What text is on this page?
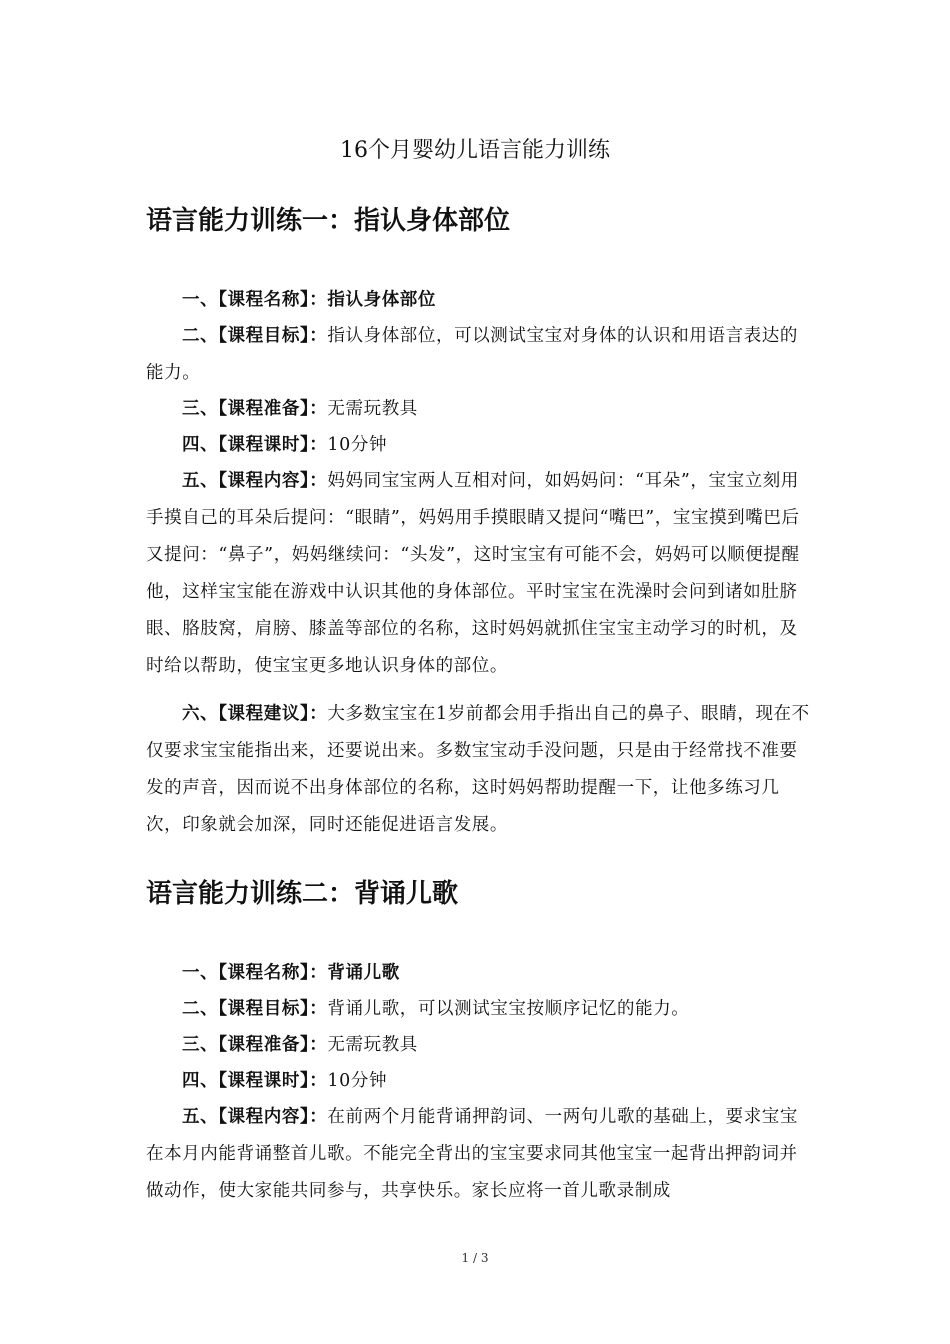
16个月婴幼儿语言能力训练
语言能力训练一：指认身体部位

一、【课程名称】：指认身体部位

二、【课程目标】：指认身体部位，可以测试宝宝对身体的认识和用语言表达的能力。

三、【课程准备】：无需玩教具

四、【课程课时】：10分钟

五、【课程内容】：妈妈同宝宝两人互相对问，如妈妈问：“耳朵”，宝宝立刻用手摸自己的耳朵后提问：“眼睛”，妈妈用手摸眼睛又提问“嘴巴”，宝宝摸到嘴巴后又提问：“鼻子”，妈妈继续问：“头发”，这时宝宝有可能不会，妈妈可以顺便提醒他，这样宝宝能在游戏中认识其他的身体部位。平时宝宝在洗澡时会问到诸如肚脐眼、胳肢窝，肩膀、膝盖等部位的名称，这时妈妈就抓住宝宝主动学习的时机，及时给以帮助，使宝宝更多地认识身体的部位。

六、【课程建议】：大多数宝宝在1岁前都会用手指出自己的鼻子、眼睛，现在不仅要求宝宝能指出来，还要说出来。多数宝宝动手没问题，只是由于经常找不准要发的声音，因而说不出身体部位的名称，这时妈妈帮助提醒一下，让他多练习几次，印象就会加深，同时还能促进语言发展。

语言能力训练二：背诵儿歌

一、【课程名称】：背诵儿歌

二、【课程目标】：背诵儿歌，可以测试宝宝按顺序记忆的能力。

三、【课程准备】：无需玩教具

四、【课程课时】：10分钟

五、【课程内容】：在前两个月能背诵押韵词、一两句儿歌的基础上，要求宝宝在本月内能背诵整首儿歌。不能完全背出的宝宝要求同其他宝宝一起背出押韵词并做动作，使大家能共同参与，共享快乐。家长应将一首儿歌录制成

1 / 3
